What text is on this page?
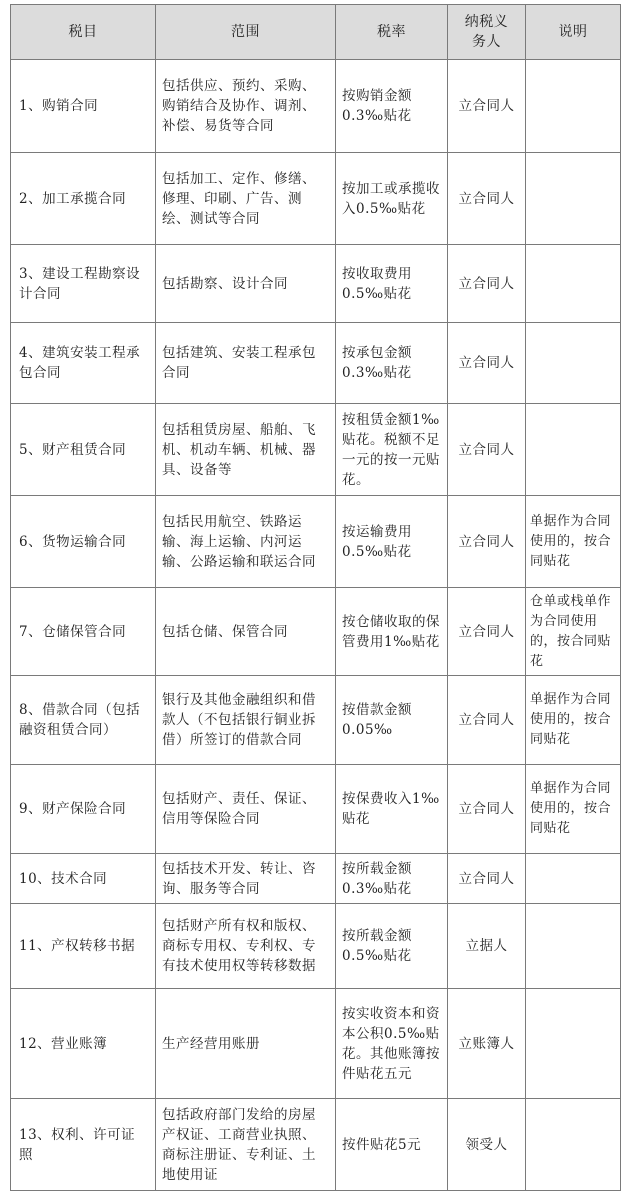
税目	范围	税率	纳税义务人	说明
1、购销合同	包括供应、预约、采购、购销结合及协作、调剂、补偿、易货等合同	按购销金额0.3‰贴花	立合同人	
2、加工承揽合同	包括加工、定作、修缮、修理、印刷、广告、测绘、测试等合同	按加工或承揽收入0.5‰贴花	立合同人	
3、建设工程勘察设计合同	包括勘察、设计合同	按收取费用0.5‰贴花	立合同人	
4、建筑安装工程承包合同	包括建筑、安装工程承包合同	按承包金额0.3‰贴花	立合同人	
5、财产租赁合同	包括租赁房屋、船舶、飞机、机动车辆、机械、器具、设备等	按租赁金额1‰贴花。税额不足一元的按一元贴花。	立合同人	
6、货物运输合同	包括民用航空、铁路运输、海上运输、内河运输、公路运输和联运合同	按运输费用0.5‰贴花	立合同人	单据作为合同使用的，按合同贴花
7、仓储保管合同	包括仓储、保管合同	按仓储收取的保管费用1‰贴花	立合同人	仓单或栈单作为合同使用的，按合同贴花
8、借款合同（包括融资租赁合同）	银行及其他金融组织和借款人（不包括银行铜业拆借）所签订的借款合同	按借款金额0.05‰	立合同人	单据作为合同使用的，按合同贴花
9、财产保险合同	包括财产、责任、保证、信用等保险合同	按保费收入1‰贴花	立合同人	单据作为合同使用的，按合同贴花
10、技术合同	包括技术开发、转让、咨询、服务等合同	按所载金额0.3‰贴花	立合同人	
11、产权转移书据	包括财产所有权和版权、商标专用权、专利权、专有技术使用权等转移数据	按所载金额0.5‰贴花	立据人	
12、营业账簿	生产经营用账册	按实收资本和资本公积0.5‰贴花。其他账簿按件贴花五元	立账簿人	
13、权利、许可证照	包括政府部门发给的房屋产权证、工商营业执照、商标注册证、专利证、土地使用证	按件贴花5元	领受人	
